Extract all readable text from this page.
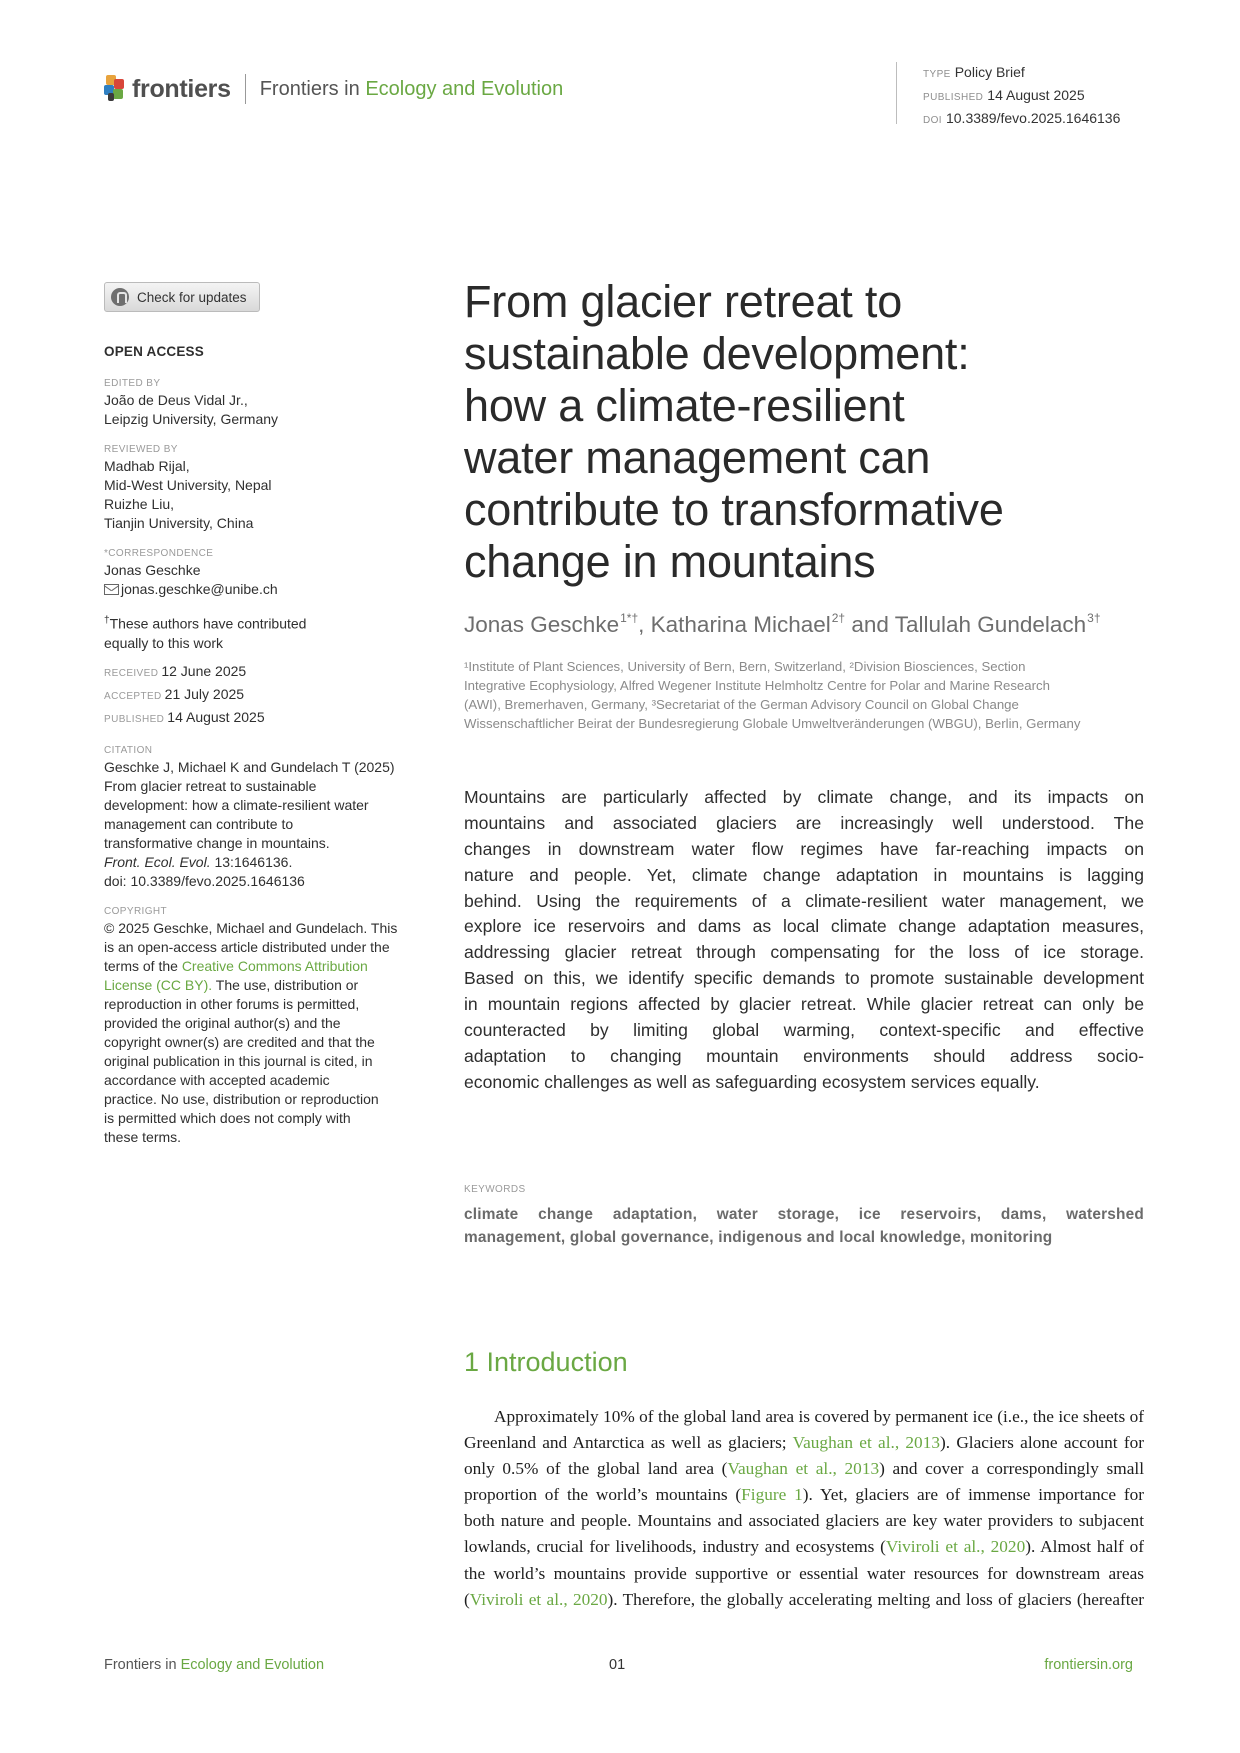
frontiers Frontiers in Ecology and Evolution
TYPE Policy Brief
PUBLISHED 14 August 2025
DOI 10.3389/fevo.2025.1646136
Check for updates
OPEN ACCESS
EDITED BY
João de Deus Vidal Jr.,
Leipzig University, Germany
REVIEWED BY
Madhab Rijal,
Mid-West University, Nepal
Ruizhe Liu,
Tianjin University, China
*CORRESPONDENCE
Jonas Geschke
jonas.geschke@unibe.ch
†These authors have contributed
equally to this work
RECEIVED 12 June 2025
ACCEPTED 21 July 2025
PUBLISHED 14 August 2025
CITATION
Geschke J, Michael K and Gundelach T (2025)
From glacier retreat to sustainable
development: how a climate-resilient water
management can contribute to
transformative change in mountains.
Front. Ecol. Evol. 13:1646136.
doi: 10.3389/fevo.2025.1646136
COPYRIGHT
© 2025 Geschke, Michael and Gundelach. This
is an open-access article distributed under the
terms of the Creative Commons Attribution
License (CC BY). The use, distribution or
reproduction in other forums is permitted,
provided the original author(s) and the
copyright owner(s) are credited and that the
original publication in this journal is cited, in
accordance with accepted academic
practice. No use, distribution or reproduction
is permitted which does not comply with
these terms.
From glacier retreat to
sustainable development:
how a climate-resilient
water management can
contribute to transformative
change in mountains
Jonas Geschke$^{1*\dagger}$, Katharina Michael$^{2\dagger}$ and Tallulah Gundelach$^{3\dagger}$
¹Institute of Plant Sciences, University of Bern, Bern, Switzerland, ²Division Biosciences, Section
Integrative Ecophysiology, Alfred Wegener Institute Helmholtz Centre for Polar and Marine Research
(AWI), Bremerhaven, Germany, ³Secretariat of the German Advisory Council on Global Change
Wissenschaftlicher Beirat der Bundesregierung Globale Umweltveränderungen (WBGU), Berlin, Germany
Mountains are particularly affected by climate change, and its impacts on
mountains and associated glaciers are increasingly well understood. The
changes in downstream water flow regimes have far-reaching impacts on
nature and people. Yet, climate change adaptation in mountains is lagging
behind. Using the requirements of a climate-resilient water management, we
explore ice reservoirs and dams as local climate change adaptation measures,
addressing glacier retreat through compensating for the loss of ice storage.
Based on this, we identify specific demands to promote sustainable development
in mountain regions affected by glacier retreat. While glacier retreat can only be
counteracted by limiting global warming, context-specific and effective
adaptation to changing mountain environments should address socio-
economic challenges as well as safeguarding ecosystem services equally.
KEYWORDS
climate change adaptation, water storage, ice reservoirs, dams, watershed
management, global governance, indigenous and local knowledge, monitoring
1 Introduction
Approximately 10% of the global land area is covered by permanent ice (i.e., the ice sheets of
Greenland and Antarctica as well as glaciers; Vaughan et al., 2013). Glaciers alone account for
only 0.5% of the global land area (Vaughan et al., 2013) and cover a correspondingly small
proportion of the world’s mountains (Figure 1). Yet, glaciers are of immense importance for
both nature and people. Mountains and associated glaciers are key water providers to subjacent
lowlands, crucial for livelihoods, industry and ecosystems (Viviroli et al., 2020). Almost half of
the world’s mountains provide supportive or essential water resources for downstream areas
(Viviroli et al., 2020). Therefore, the globally accelerating melting and loss of glaciers (hereafter
Frontiers in Ecology and Evolution	01	frontiersin.org
